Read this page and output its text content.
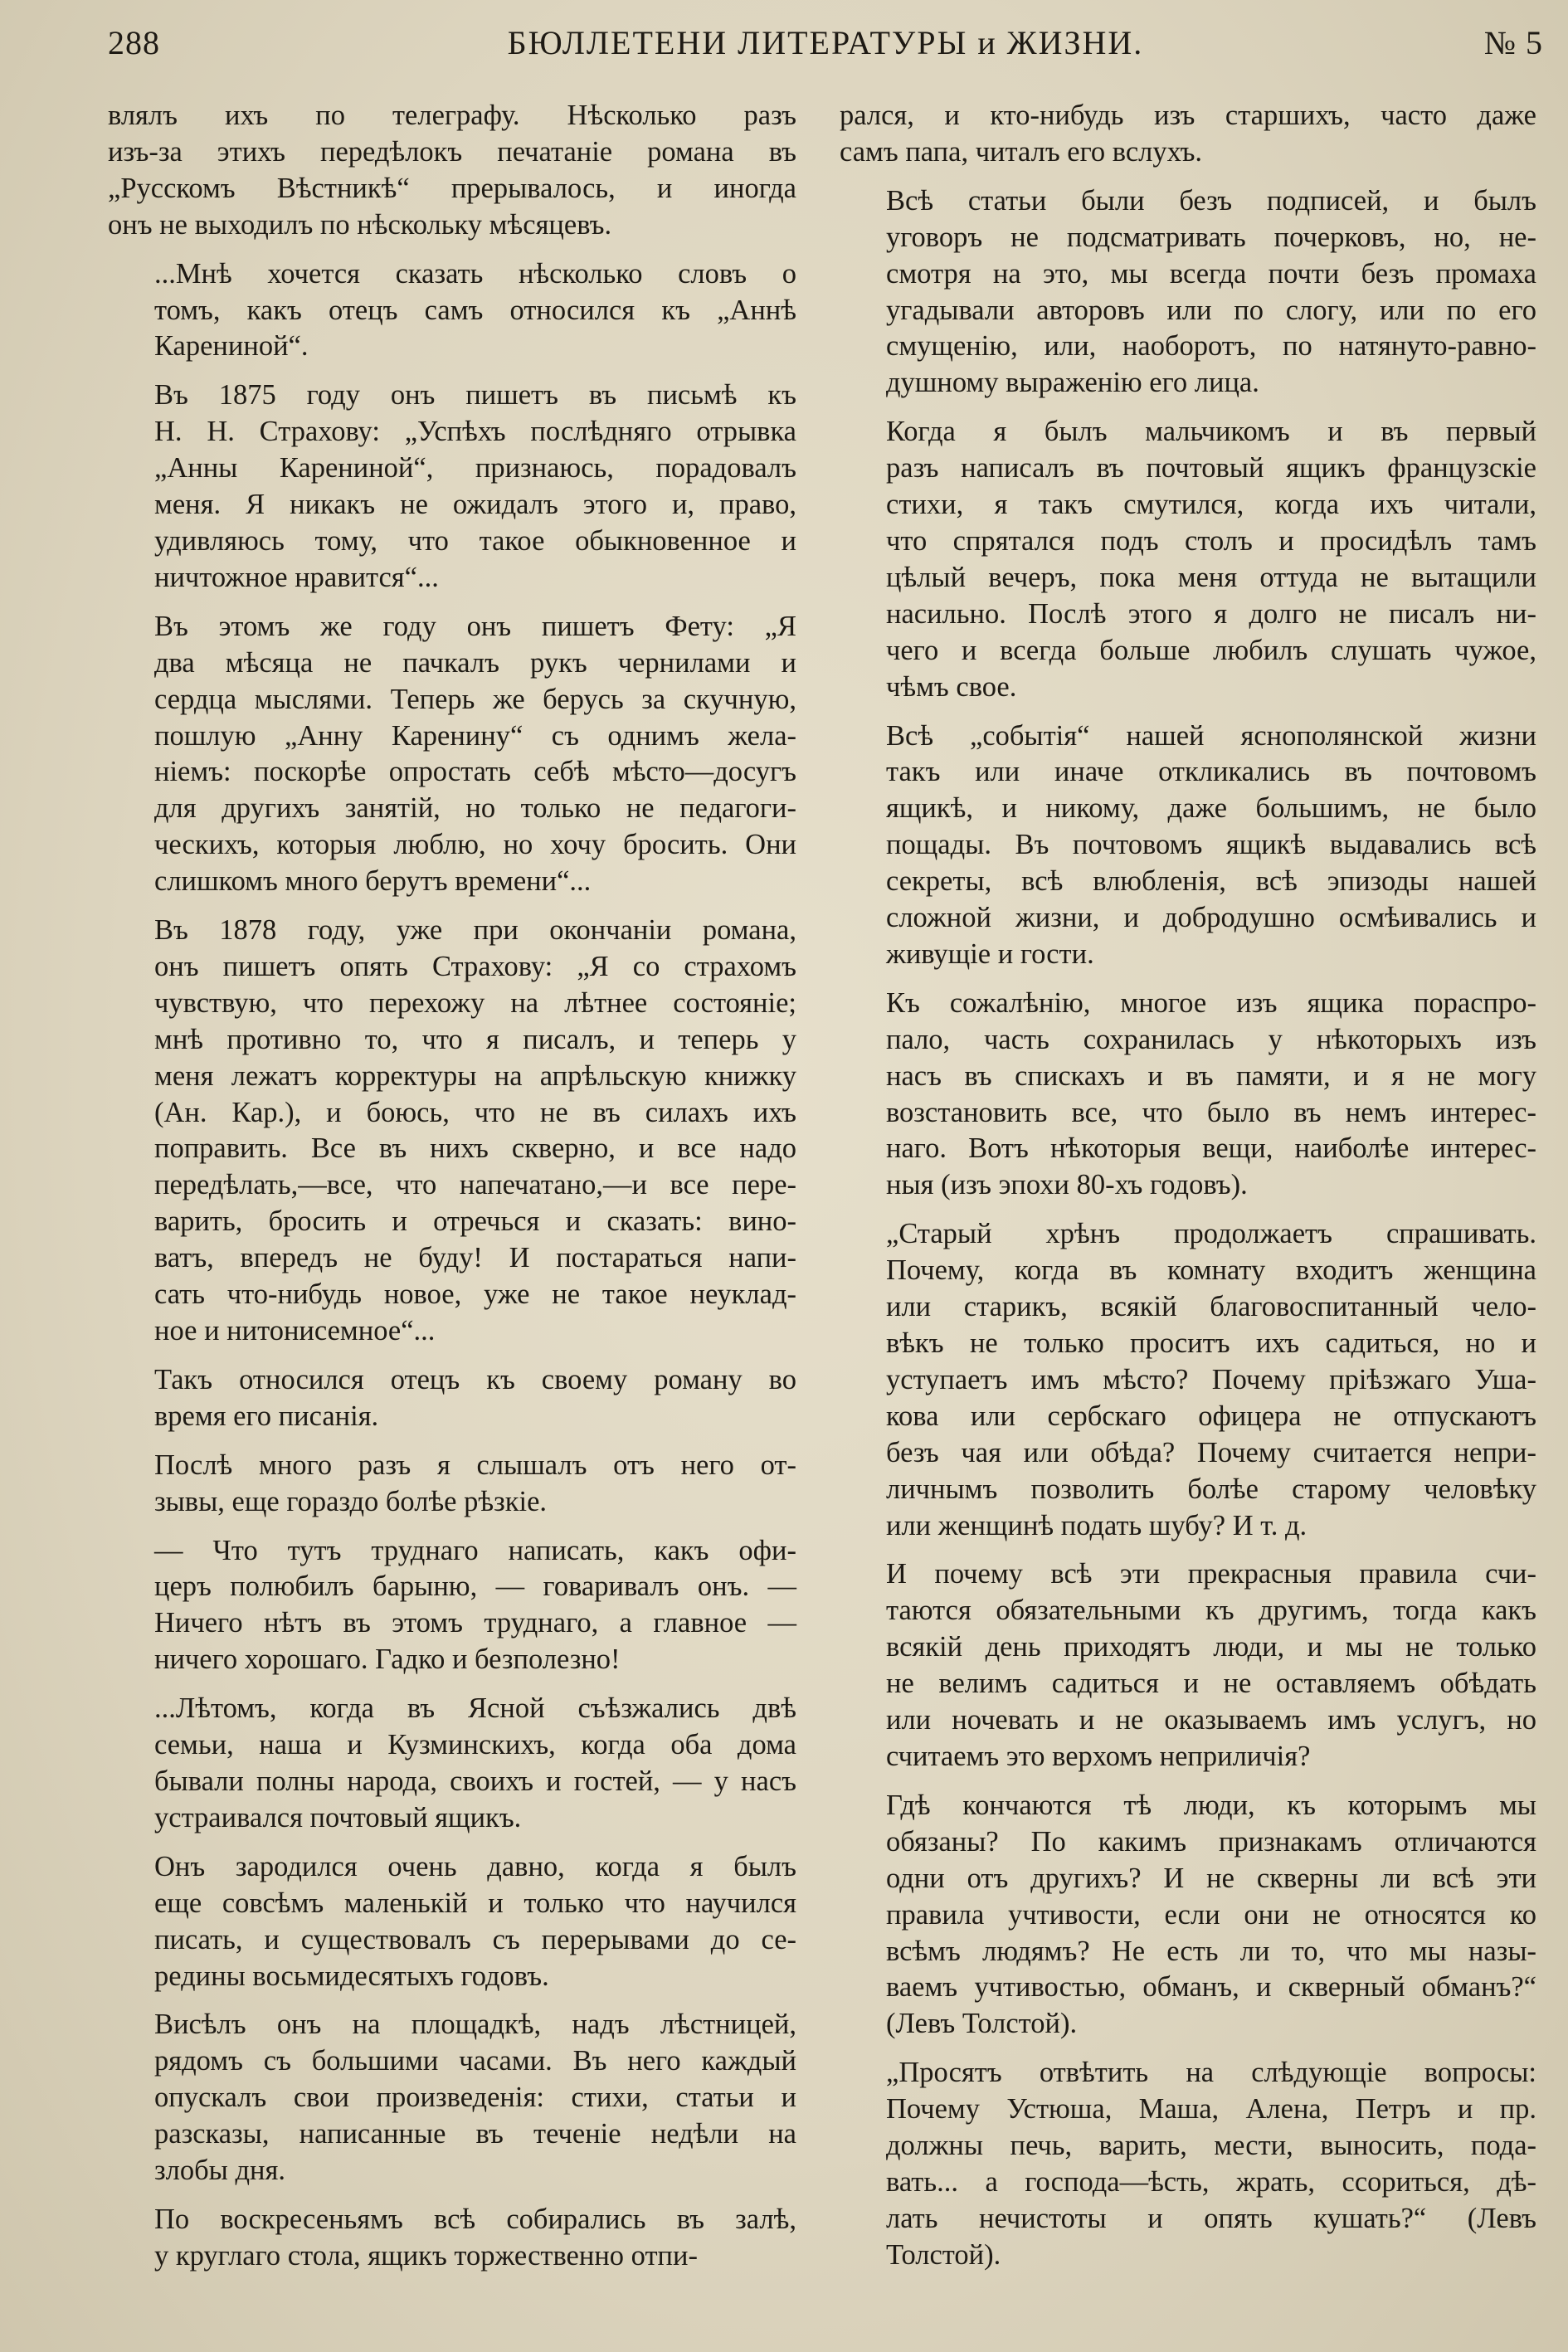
288	БЮЛЛЕТЕНИ ЛИТЕРАТУРЫ и ЖИЗНИ.	№ 5

влялъ ихъ по телеграфу. Нѣсколько разъ
изъ-за этихъ передѣлокъ печатаніе романа въ
„Русскомъ Вѣстникѣ“ прерывалось, и иногда
онъ не выходилъ по нѣскольку мѣсяцевъ.

...Мнѣ хочется сказать нѣсколько словъ о
томъ, какъ отецъ самъ относился къ „Аннѣ
Карениной“.

Въ 1875 году онъ пишетъ въ письмѣ къ
Н. Н. Страхову: „Успѣхъ послѣдняго отрывка
„Анны Карениной“, признаюсь, порадовалъ
меня. Я никакъ не ожидалъ этого и, право,
удивляюсь тому, что такое обыкновенное и
ничтожное нравится“...

Въ этомъ же году онъ пишетъ Фету: „Я
два мѣсяца не пачкалъ рукъ чернилами и
сердца мыслями. Теперь же берусь за скучную,
пошлую „Анну Каренину“ съ однимъ жела-
ніемъ: поскорѣе опростать себѣ мѣсто—досугъ
для другихъ занятій, но только не педагоги-
ческихъ, которыя люблю, но хочу бросить. Они
слишкомъ много берутъ времени“...

Въ 1878 году, уже при окончаніи романа,
онъ пишетъ опять Страхову: „Я со страхомъ
чувствую, что перехожу на лѣтнее состояніе;
мнѣ противно то, что я писалъ, и теперь у
меня лежатъ корректуры на апрѣльскую книжку
(Ан. Кар.), и боюсь, что не въ силахъ ихъ
поправить. Все въ нихъ скверно, и все надо
передѣлать,—все, что напечатано,—и все пере-
варить, бросить и отречься и сказать: вино-
ватъ, впередъ не буду! И постараться напи-
сать что-нибудь новое, уже не такое неуклад-
ное и нитонисемное“...

Такъ относился отецъ къ своему роману во
время его писанія.

Послѣ много разъ я слышалъ отъ него от-
зывы, еще гораздо болѣе рѣзкіе.

— Что тутъ труднаго написать, какъ офи-
церъ полюбилъ барыню, — говаривалъ онъ. —
Ничего нѣтъ въ этомъ труднаго, а главное —
ничего хорошаго. Гадко и безполезно!

...Лѣтомъ, когда въ Ясной съѣзжались двѣ
семьи, наша и Кузминскихъ, когда оба дома
бывали полны народа, своихъ и гостей, — у насъ
устраивался почтовый ящикъ.

Онъ зародился очень давно, когда я былъ
еще совсѣмъ маленькій и только что научился
писать, и существовалъ съ перерывами до се-
редины восьмидесятыхъ годовъ.

Висѣлъ онъ на площадкѣ, надъ лѣстницей,
рядомъ съ большими часами. Въ него каждый
опускалъ свои произведенія: стихи, статьи и
разсказы, написанные въ теченіе недѣли на
злобы дня.

По воскресеньямъ всѣ собирались въ залѣ,
у круглаго стола, ящикъ торжественно отпи-

рался, и кто-нибудь изъ старшихъ, часто даже
самъ папа, читалъ его вслухъ.

Всѣ статьи были безъ подписей, и былъ
уговоръ не подсматривать почерковъ, но, не-
смотря на это, мы всегда почти безъ промаха
угадывали авторовъ или по слогу, или по его
смущенію, или, наоборотъ, по натянуто-равно-
душному выраженію его лица.

Когда я былъ мальчикомъ и въ первый
разъ написалъ въ почтовый ящикъ французскіе
стихи, я такъ смутился, когда ихъ читали,
что спрятался подъ столъ и просидѣлъ тамъ
цѣлый вечеръ, пока меня оттуда не вытащили
насильно. Послѣ этого я долго не писалъ ни-
чего и всегда больше любилъ слушать чужое,
чѣмъ свое.

Всѣ „событія“ нашей яснополянской жизни
такъ или иначе откликались въ почтовомъ
ящикѣ, и никому, даже большимъ, не было
пощады. Въ почтовомъ ящикѣ выдавались всѣ
секреты, всѣ влюбленія, всѣ эпизоды нашей
сложной жизни, и добродушно осмѣивались и
живущіе и гости.

Къ сожалѣнію, многое изъ ящика пораспро-
пало, часть сохранилась у нѣкоторыхъ изъ
насъ въ спискахъ и въ памяти, и я не могу
возстановить все, что было въ немъ интерес-
наго. Вотъ нѣкоторыя вещи, наиболѣе интерес-
ныя (изъ эпохи 80-хъ годовъ).

„Старый хрѣнъ продолжаетъ спрашивать.
Почему, когда въ комнату входитъ женщина
или старикъ, всякій благовоспитанный чело-
вѣкъ не только проситъ ихъ садиться, но и
уступаетъ имъ мѣсто? Почему пріѣзжаго Уша-
кова или сербскаго офицера не отпускаютъ
безъ чая или обѣда? Почему считается непри-
личнымъ позволить болѣе старому человѣку
или женщинѣ подать шубу? И т. д.

И почему всѣ эти прекрасныя правила счи-
таются обязательными къ другимъ, тогда какъ
всякій день приходятъ люди, и мы не только
не велимъ садиться и не оставляемъ обѣдать
или ночевать и не оказываемъ имъ услугъ, но
считаемъ это верхомъ неприличія?

Гдѣ кончаются тѣ люди, къ которымъ мы
обязаны? По какимъ признакамъ отличаются
одни отъ другихъ? И не скверны ли всѣ эти
правила учтивости, если они не относятся ко
всѣмъ людямъ? Не есть ли то, что мы назы-
ваемъ учтивостью, обманъ, и скверный обманъ?“
(Левъ Толстой).

„Просятъ отвѣтить на слѣдующіе вопросы:
Почему Устюша, Маша, Алена, Петръ и пр.
должны печь, варить, мести, выносить, пода-
вать... а господа—ѣсть, жрать, ссориться, дѣ-
лать нечистоты и опять кушать?“ (Левъ
Толстой).
